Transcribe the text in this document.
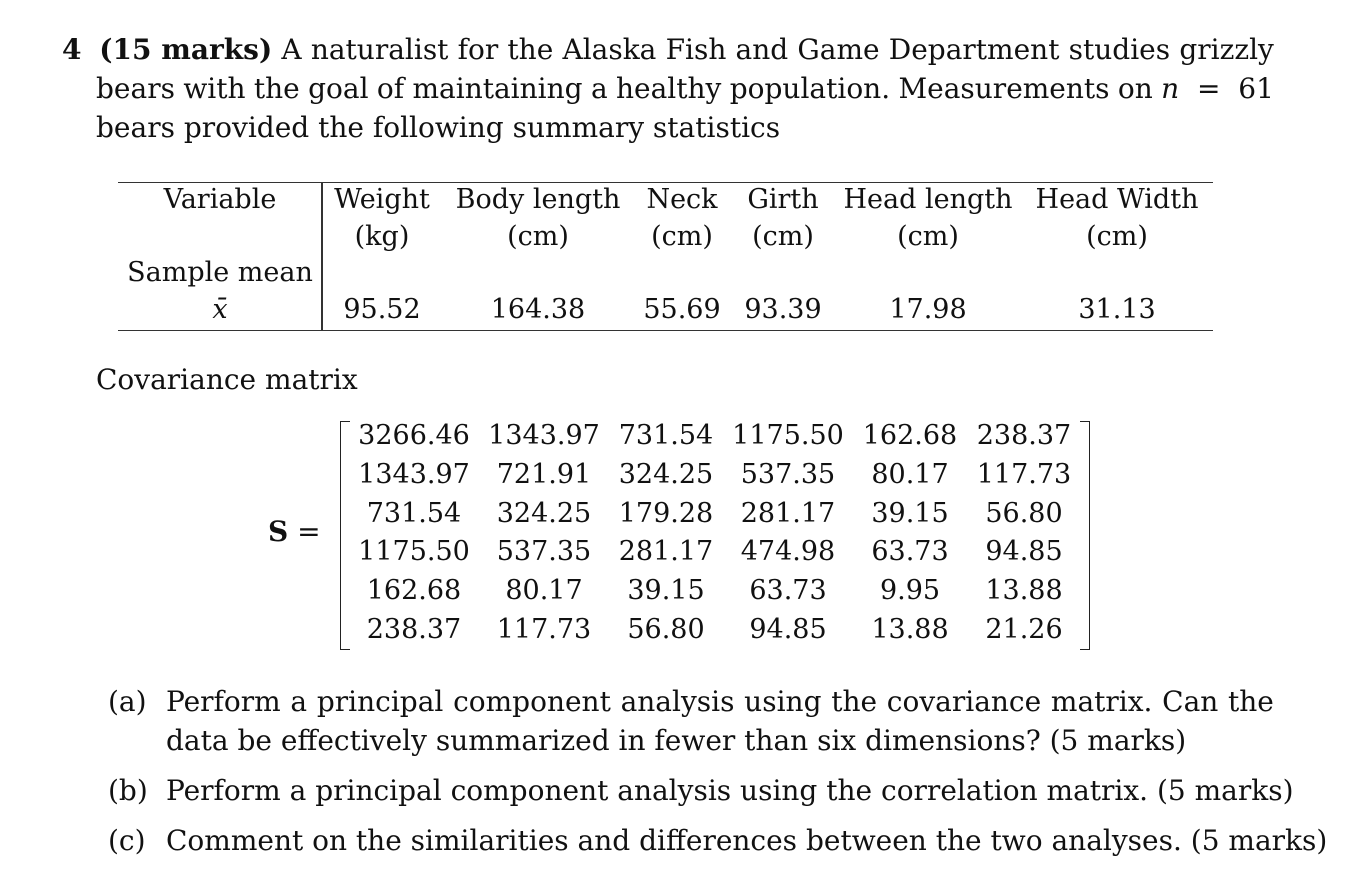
4 (15 marks) A naturalist for the Alaska Fish and Game Department studies grizzly
bears with the goal of maintaining a healthy population. Measurements on n = 61
bears provided the following summary statistics
Variable
Sample mean
x̄
Weight
(kg)
95.52
Body length
(cm)
164.38
Neck
(cm)
55.69
Girth
(cm)
93.39
Head length
(cm)
17.98
Head Width
(cm)
31.13
Covariance matrix
S =
3266.46 1343.97 731.54 1175.50 162.68 238.37
1343.97 721.91 324.25 537.35 80.17 117.73
731.54 324.25 179.28 281.17 39.15 56.80
1175.50 537.35 281.17 474.98 63.73 94.85
162.68 80.17 39.15 63.73 9.95 13.88
238.37 117.73 56.80 94.85 13.88 21.26
(a) Perform a principal component analysis using the covariance matrix. Can the
data be effectively summarized in fewer than six dimensions? (5 marks)
(b) Perform a principal component analysis using the correlation matrix. (5 marks)
(c) Comment on the similarities and differences between the two analyses. (5 marks)
